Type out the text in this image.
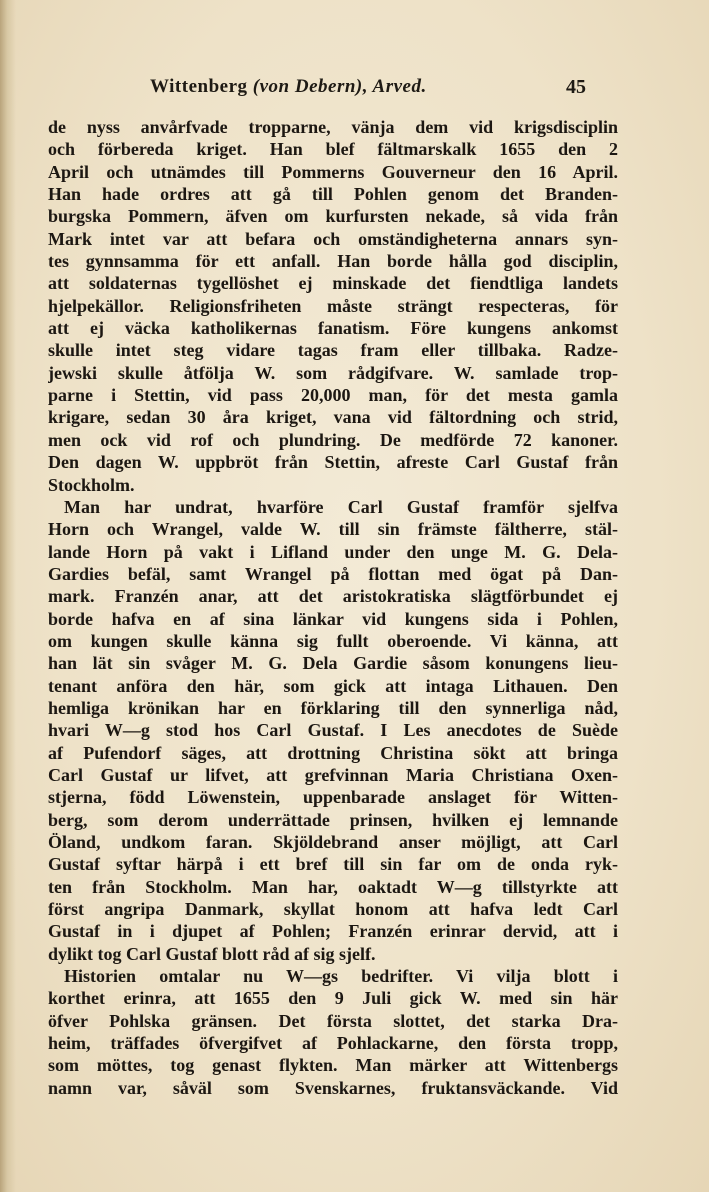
Wittenberg (von Debern), Arved.	45
de nyss anvårfvade tropparne, vänja dem vid krigsdisciplin
och förbereda kriget. Han blef fältmarskalk 1655 den 2
April och utnämdes till Pommerns Gouverneur den 16 April.
Han hade ordres att gå till Pohlen genom det Branden-
burgska Pommern, äfven om kurfursten nekade, så vida från
Mark intet var att befara och omständigheterna annars syn-
tes gynnsamma för ett anfall. Han borde hålla god disciplin,
att soldaternas tygellöshet ej minskade det fiendtliga landets
hjelpekällor. Religionsfriheten måste strängt respecteras, för
att ej väcka katholikernas fanatism. Före kungens ankomst
skulle intet steg vidare tagas fram eller tillbaka. Radze-
jewski skulle åtfölja W. som rådgifvare. W. samlade trop-
parne i Stettin, vid pass 20,000 man, för det mesta gamla
krigare, sedan 30 åra kriget, vana vid fältordning och strid,
men ock vid rof och plundring. De medförde 72 kanoner.
Den dagen W. uppbröt från Stettin, afreste Carl Gustaf från
Stockholm.
Man har undrat, hvarföre Carl Gustaf framför sjelfva
Horn och Wrangel, valde W. till sin främste fältherre, stäl-
lande Horn på vakt i Lifland under den unge M. G. Dela-
Gardies befäl, samt Wrangel på flottan med ögat på Dan-
mark. Franzén anar, att det aristokratiska slägtförbundet ej
borde hafva en af sina länkar vid kungens sida i Pohlen,
om kungen skulle känna sig fullt oberoende. Vi känna, att
han lät sin svåger M. G. Dela Gardie såsom konungens lieu-
tenant anföra den här, som gick att intaga Lithauen. Den
hemliga krönikan har en förklaring till den synnerliga nåd,
hvari W—g stod hos Carl Gustaf. I Les anecdotes de Suède
af Pufendorf säges, att drottning Christina sökt att bringa
Carl Gustaf ur lifvet, att grefvinnan Maria Christiana Oxen-
stjerna, född Löwenstein, uppenbarade anslaget för Witten-
berg, som derom underrättade prinsen, hvilken ej lemnande
Öland, undkom faran. Skjöldebrand anser möjligt, att Carl
Gustaf syftar härpå i ett bref till sin far om de onda ryk-
ten från Stockholm. Man har, oaktadt W—g tillstyrkte att
först angripa Danmark, skyllat honom att hafva ledt Carl
Gustaf in i djupet af Pohlen; Franzén erinrar dervid, att i
dylikt tog Carl Gustaf blott råd af sig sjelf.
Historien omtalar nu W—gs bedrifter. Vi vilja blott i
korthet erinra, att 1655 den 9 Juli gick W. med sin här
öfver Pohlska gränsen. Det första slottet, det starka Dra-
heim, träffades öfvergifvet af Pohlackarne, den första tropp,
som möttes, tog genast flykten. Man märker att Wittenbergs
namn var, såväl som Svenskarnes, fruktansväckande. Vid
